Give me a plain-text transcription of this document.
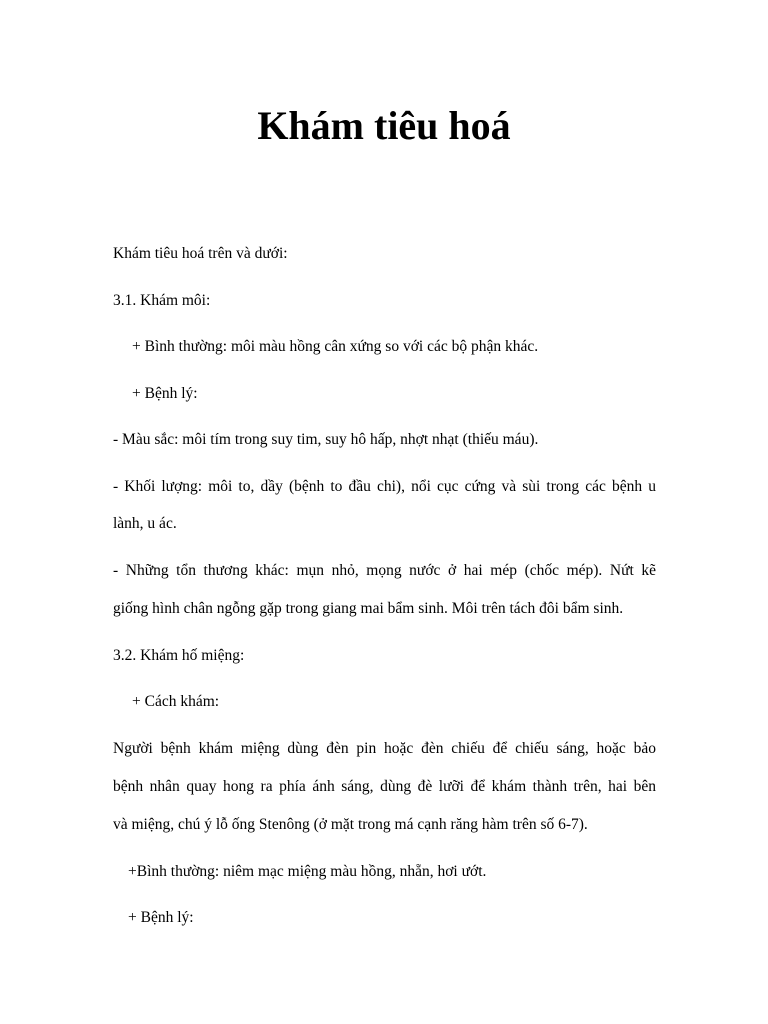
Khám tiêu hoá

Khám tiêu hoá trên và dưới:

3.1. Khám môi:

+ Bình thường: môi màu hồng cân xứng so với các bộ phận khác.

+ Bệnh lý:

- Màu sắc: môi tím trong suy tim, suy hô hấp, nhợt nhạt (thiếu máu).

- Khối lượng: môi to, dầy (bệnh to đầu chi), nổi cục cứng và sùi trong các bệnh u

lành, u ác.

- Những tổn thương khác: mụn nhỏ, mọng nước ở hai mép (chốc mép). Nứt kẽ

giống hình chân ngỗng gặp trong giang mai bẩm sinh. Môi trên tách đôi bẩm sinh.

3.2. Khám hố miệng:

+ Cách khám:

Người bệnh khám miệng dùng đèn pin hoặc đèn chiếu để chiếu sáng, hoặc bảo

bệnh nhân quay hong ra phía ánh sáng, dùng đè lưỡi để khám thành trên, hai bên

và miệng, chú ý lỗ ống Stenông (ở mặt trong má cạnh răng hàm trên số 6-7).

+Bình thường: niêm mạc miệng màu hồng, nhẵn, hơi ướt.

+ Bệnh lý:
